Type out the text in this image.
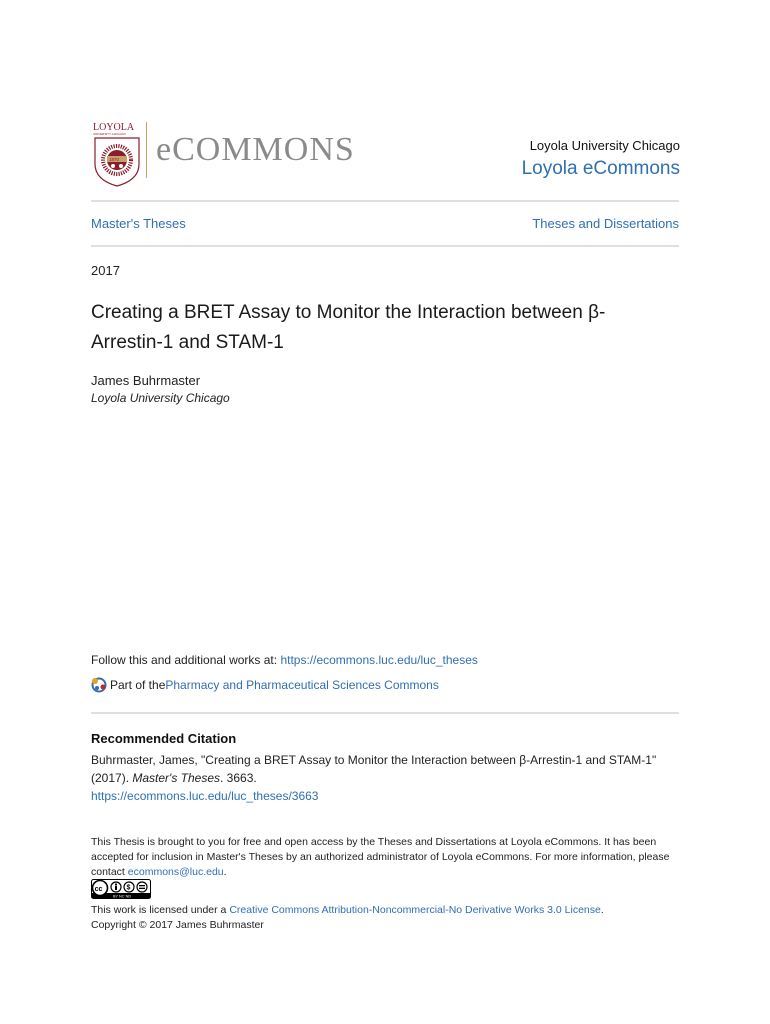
LOYOLA
UNIVERSITY CHICAGO
1870 eCOMMONS	Loyola University Chicago
Loyola eCommons
Master's Theses	Theses and Dissertations
2017
Creating a BRET Assay to Monitor the Interaction between β-
Arrestin-1 and STAM-1
James Buhrmaster
Loyola University Chicago
Follow this and additional works at: https://ecommons.luc.edu/luc_theses
Part of the Pharmacy and Pharmaceutical Sciences Commons
Recommended Citation
Buhrmaster, James, "Creating a BRET Assay to Monitor the Interaction between β-Arrestin-1 and STAM-1"
(2017). Master's Theses. 3663.
https://ecommons.luc.edu/luc_theses/3663
This Thesis is brought to you for free and open access by the Theses and Dissertations at Loyola eCommons. It has been accepted for inclusion in Master's Theses by an authorized administrator of Loyola eCommons. For more information, please contact ecommons@luc.edu.
cc	$
BY NC ND
This work is licensed under a Creative Commons Attribution-Noncommercial-No Derivative Works 3.0 License.
Copyright © 2017 James Buhrmaster
